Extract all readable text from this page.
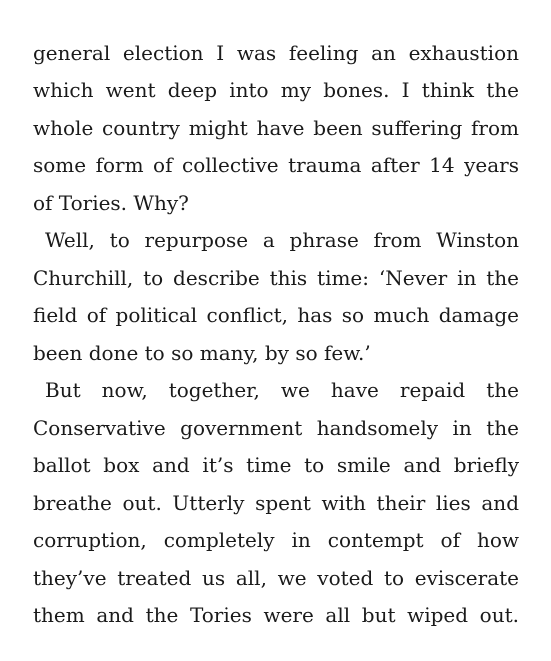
general election I was feeling an exhaustion
which went deep into my bones. I think the
whole country might have been suffering from
some form of collective trauma after 14 years
of Tories. Why?
Well, to repurpose a phrase from Winston
Churchill, to describe this time: ‘Never in the
field of political conflict, has so much damage
been done to so many, by so few.’
But now, together, we have repaid the
Conservative government handsomely in the
ballot box and it’s time to smile and briefly
breathe out. Utterly spent with their lies and
corruption, completely in contempt of how
they’ve treated us all, we voted to eviscerate
them and the Tories were all but wiped out.
